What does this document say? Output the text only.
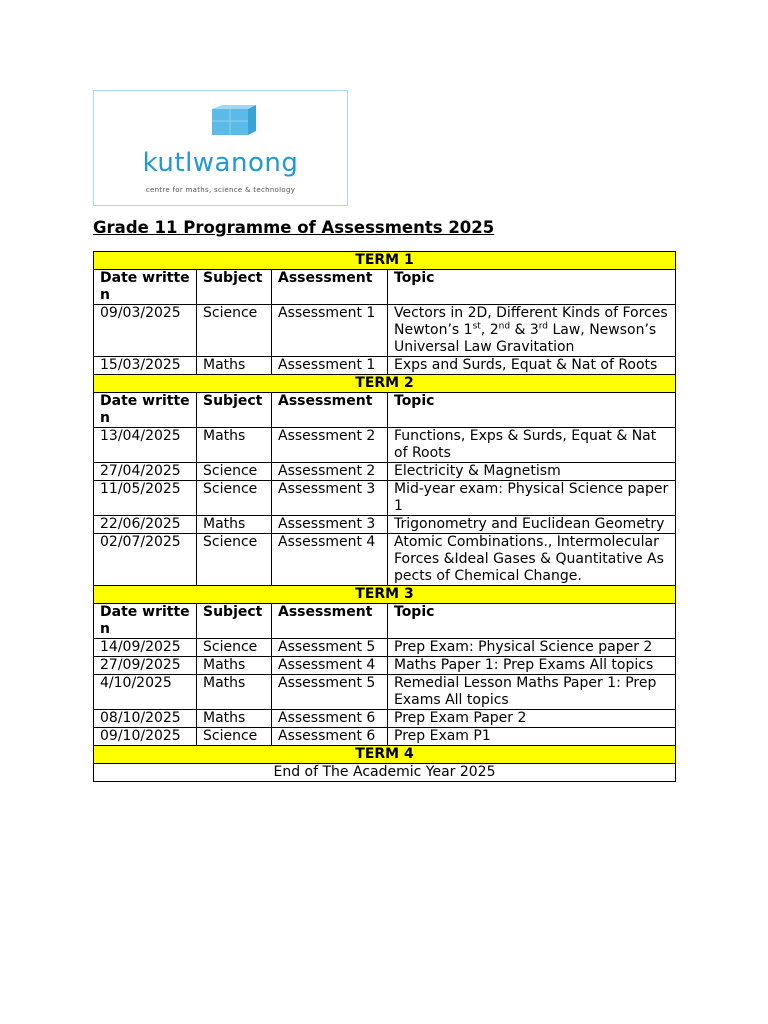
kutlwanong
centre for maths, science & technology
Grade 11 Programme of Assessments 2025
TERM 1			
Date written	Subject	Assessment	Topic
09/03/2025	Science	Assessment 1	Vectors in 2D, Different Kinds of Forces Newton’s 1st, 2nd & 3rd Law, Newson’s Universal Law Gravitation
15/03/2025	Maths	Assessment 1	Exps and Surds, Equat & Nat of Roots
TERM 2			
Date written	Subject	Assessment	Topic
13/04/2025	Maths	Assessment 2	Functions, Exps & Surds, Equat & Nat of Roots
27/04/2025	Science	Assessment 2	Electricity & Magnetism
11/05/2025	Science	Assessment 3	Mid-year exam: Physical Science paper 1
22/06/2025	Maths	Assessment 3	Trigonometry and Euclidean Geometry
02/07/2025	Science	Assessment 4	Atomic Combinations., Intermolecular Forces &Ideal Gases & Quantitative Aspects of Chemical Change.
TERM 3			
Date written	Subject	Assessment	Topic
14/09/2025	Science	Assessment 5	Prep Exam: Physical Science paper 2
27/09/2025	Maths	Assessment 4	Maths Paper 1: Prep Exams All topics
4/10/2025	Maths	Assessment 5	Remedial Lesson Maths Paper 1: Prep Exams All topics
08/10/2025	Maths	Assessment 6	Prep Exam Paper 2
09/10/2025	Science	Assessment 6	Prep Exam P1
TERM 4			
End of The Academic Year 2025			
